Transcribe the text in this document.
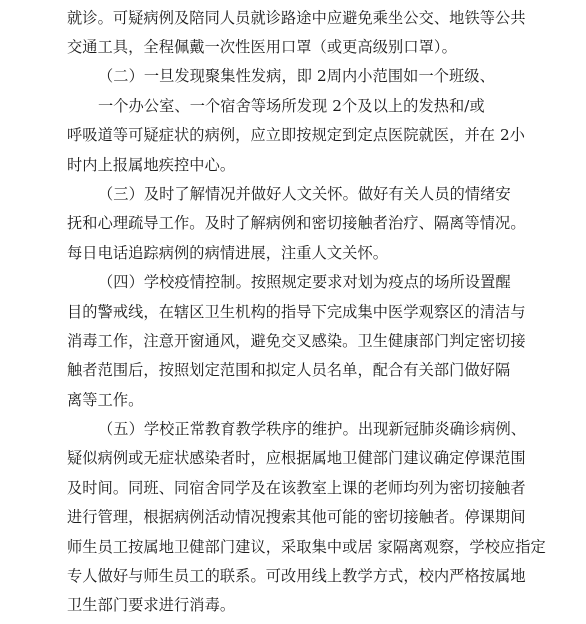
就诊。可疑病例及陪同人员就诊路途中应避免乘坐公交、地铁等公共
交通工具，全程佩戴一次性医用口罩（或更高级别口罩）。
（二）一旦发现聚集性发病，即 2周内小范围如一个班级、
一个办公室、一个宿舍等场所发现 2个及以上的发热和/或
呼吸道等可疑症状的病例，应立即按规定到定点医院就医，并在 2小
时内上报属地疾控中心。
（三）及时了解情况并做好人文关怀。做好有关人员的情绪安
抚和心理疏导工作。及时了解病例和密切接触者治疗、隔离等情况。
每日电话追踪病例的病情进展，注重人文关怀。
（四）学校疫情控制。按照规定要求对划为疫点的场所设置醒
目的警戒线，在辖区卫生机构的指导下完成集中医学观察区的清洁与
消毒工作，注意开窗通风，避免交叉感染。卫生健康部门判定密切接
触者范围后，按照划定范围和拟定人员名单，配合有关部门做好隔
离等工作。
（五）学校正常教育教学秩序的维护。出现新冠肺炎确诊病例、
疑似病例或无症状感染者时，应根据属地卫健部门建议确定停课范围
及时间。同班、同宿舍同学及在该教室上课的老师均列为密切接触者
进行管理，根据病例活动情况搜索其他可能的密切接触者。停课期间
师生员工按属地卫健部门建议，采取集中或居 家隔离观察，学校应指定
专人做好与师生员工的联系。可改用线上教学方式，校内严格按属地
卫生部门要求进行消毒。
